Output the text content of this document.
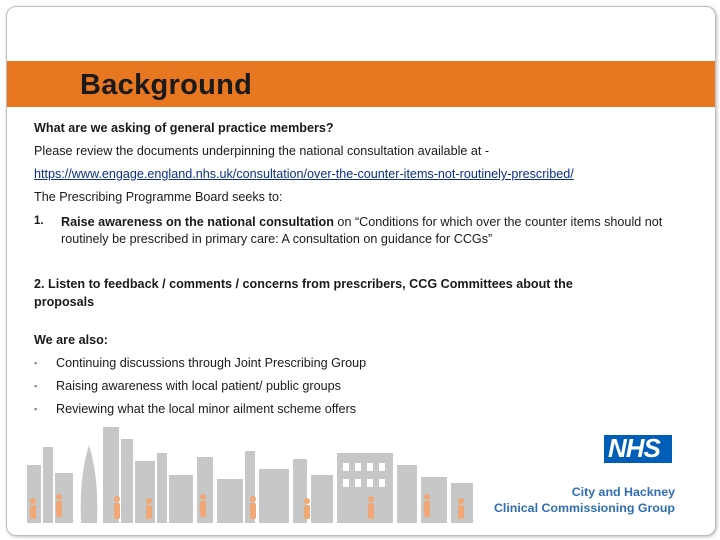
Background
What are we asking of general practice members?
Please review the documents underpinning the national consultation available at -
https://www.engage.england.nhs.uk/consultation/over-the-counter-items-not-routinely-prescribed/
The Prescribing Programme Board seeks to:
1. Raise awareness on the national consultation on “Conditions for which over the counter items should not routinely be prescribed in primary care: A consultation on guidance for CCGs”
2. Listen to feedback / comments / concerns from prescribers, CCG Committees about the
proposals
We are also:
▪ Continuing discussions through Joint Prescribing Group
▪ Raising awareness with local patient/ public groups
▪ Reviewing what the local minor ailment scheme offers
NHS
City and Hackney
Clinical Commissioning Group
